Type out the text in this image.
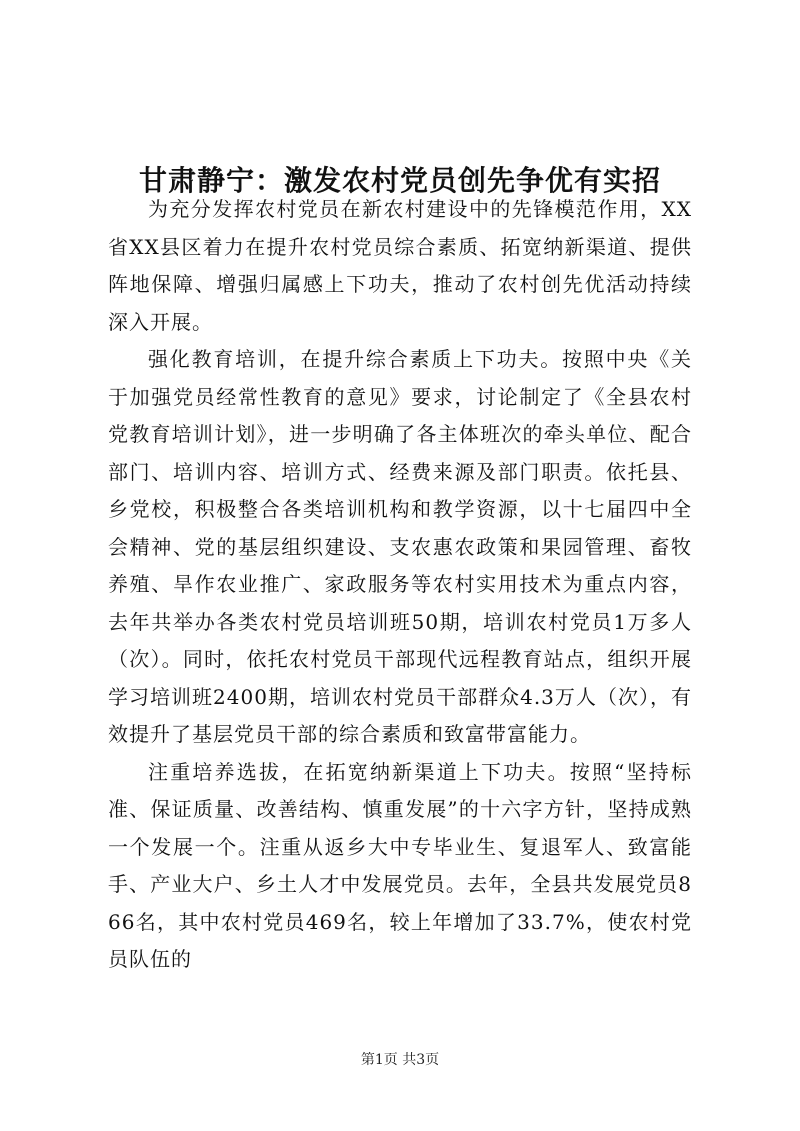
甘肃静宁：激发农村党员创先争优有实招

为充分发挥农村党员在新农村建设中的先锋模范作用，XX省XX县区着力在提升农村党员综合素质、拓宽纳新渠道、提供阵地保障、增强归属感上下功夫，推动了农村创先优活动持续深入开展。

强化教育培训，在提升综合素质上下功夫。按照中央《关于加强党员经常性教育的意见》要求，讨论制定了《全县农村党教育培训计划》，进一步明确了各主体班次的牵头单位、配合部门、培训内容、培训方式、经费来源及部门职责。依托县、乡党校，积极整合各类培训机构和教学资源，以十七届四中全会精神、党的基层组织建设、支农惠农政策和果园管理、畜牧养殖、旱作农业推广、家政服务等农村实用技术为重点内容，去年共举办各类农村党员培训班50期，培训农村党员1万多人（次）。同时，依托农村党员干部现代远程教育站点，组织开展学习培训班2400期，培训农村党员干部群众4.3万人（次），有效提升了基层党员干部的综合素质和致富带富能力。

注重培养选拔，在拓宽纳新渠道上下功夫。按照“坚持标准、保证质量、改善结构、慎重发展”的十六字方针，坚持成熟一个发展一个。注重从返乡大中专毕业生、复退军人、致富能手、产业大户、乡土人才中发展党员。去年，全县共发展党员866名，其中农村党员469名，较上年增加了33.7%，使农村党员队伍的

第1页 共3页
